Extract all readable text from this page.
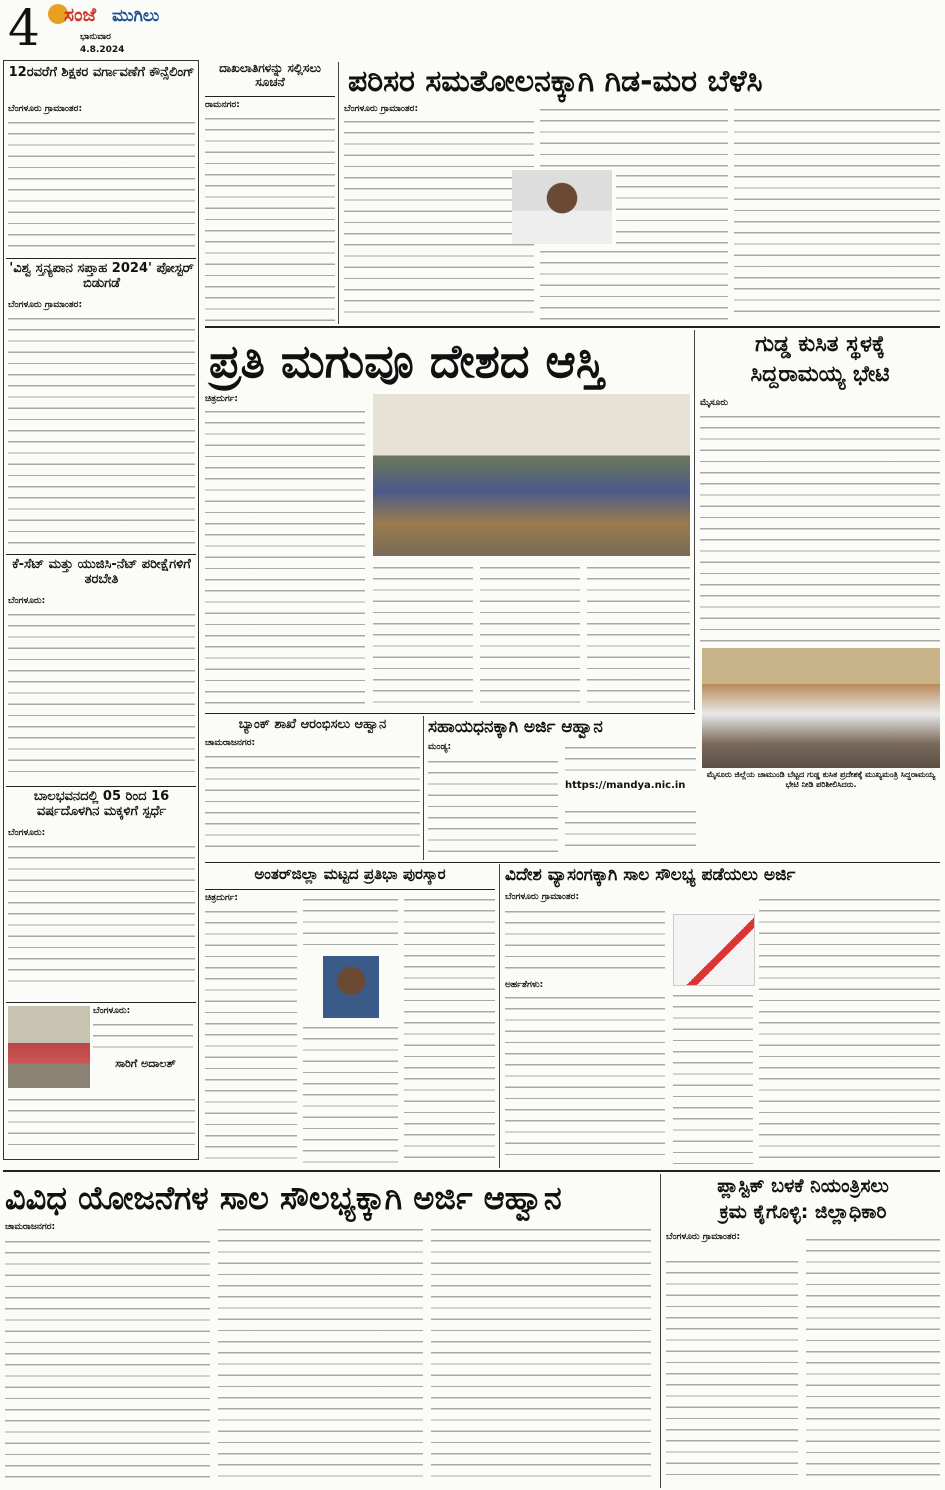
4	ಸಂಜೆ ಮುಗಿಲು
ಭಾನುವಾರ
4.8.2024
12ರವರೆಗೆ ಶಿಕ್ಷಕರ ವರ್ಗಾವಣೆಗೆ ಕೌನ್ಸೆಲಿಂಗ್
ಬೆಂಗಳೂರು ಗ್ರಾಮಾಂತರ:
'ವಿಶ್ವ ಸ್ತನ್ಯಪಾನ ಸಪ್ತಾಹ 2024' ಪೋಸ್ಟರ್ ಬಿಡುಗಡೆ
ಬೆಂಗಳೂರು ಗ್ರಾಮಾಂತರ:
ಕೆ-ಸೆಟ್ ಮತ್ತು ಯುಜಿಸಿ-ನೆಟ್ ಪರೀಕ್ಷೆಗಳಿಗೆ ತರಬೇತಿ
ಬೆಂಗಳೂರು:
ಬಾಲಭವನದಲ್ಲಿ 05 ರಿಂದ 16 ವರ್ಷದೊಳಗಿನ ಮಕ್ಕಳಿಗೆ ಸ್ಪರ್ಧೆ
ಬೆಂಗಳೂರು:
ಬೆಂಗಳೂರು:
ಸಾರಿಗೆ ಅದಾಲತ್
ದಾಖಲಾತಿಗಳನ್ನು ಸಲ್ಲಿಸಲು ಸೂಚನೆ
ರಾಮನಗರ:
ಪರಿಸರ ಸಮತೋಲನಕ್ಕಾಗಿ ಗಿಡ-ಮರ ಬೆಳೆಸಿ
ಬೆಂಗಳೂರು ಗ್ರಾಮಾಂತರ:
ಪ್ರತಿ ಮಗುವೂ ದೇಶದ ಆಸ್ತಿ
ಚಿತ್ರದುರ್ಗ:
ಗುಡ್ಡ ಕುಸಿತ ಸ್ಥಳಕ್ಕೆ
ಸಿದ್ದರಾಮಯ್ಯ ಭೇಟಿ
ಮೈಸೂರು
ಮೈಸೂರು ಜಿಲ್ಲೆಯ ಚಾಮುಂಡಿ ಬೆಟ್ಟದ ಗುಡ್ಡ ಕುಸಿತ ಪ್ರದೇಶಕ್ಕೆ ಮುಖ್ಯಮಂತ್ರಿ ಸಿದ್ದರಾಮಯ್ಯ ಭೇಟಿ ನೀಡಿ ಪರಿಶೀಲಿಸಿದರು.
ಬ್ಯಾಂಕ್ ಶಾಖೆ ಆರಂಭಿಸಲು ಆಹ್ವಾನ
ಚಾಮರಾಜನಗರ:
ಸಹಾಯಧನಕ್ಕಾಗಿ ಅರ್ಜಿ ಆಹ್ವಾನ
ಮಂಡ್ಯ:
https://mandya.nic.in
ಅಂತರ್‌ಜಿಲ್ಲಾ ಮಟ್ಟದ ಪ್ರತಿಭಾ ಪುರಸ್ಕಾರ
ಚಿತ್ರದುರ್ಗ:
ವಿದೇಶ ವ್ಯಾಸಂಗಕ್ಕಾಗಿ ಸಾಲ ಸೌಲಭ್ಯ ಪಡೆಯಲು ಅರ್ಜಿ
ಬೆಂಗಳೂರು ಗ್ರಾಮಾಂತರ:
ಅರ್ಹತೆಗಳು:
ವಿವಿಧ ಯೋಜನೆಗಳ ಸಾಲ ಸೌಲಭ್ಯಕ್ಕಾಗಿ ಅರ್ಜಿ ಆಹ್ವಾನ
ಚಾಮರಾಜನಗರ:
ಪ್ಲಾಸ್ಟಿಕ್ ಬಳಕೆ ನಿಯಂತ್ರಿಸಲು
ಕ್ರಮ ಕೈಗೊಳ್ಳಿ: ಜಿಲ್ಲಾಧಿಕಾರಿ
ಬೆಂಗಳೂರು ಗ್ರಾಮಾಂತರ:
